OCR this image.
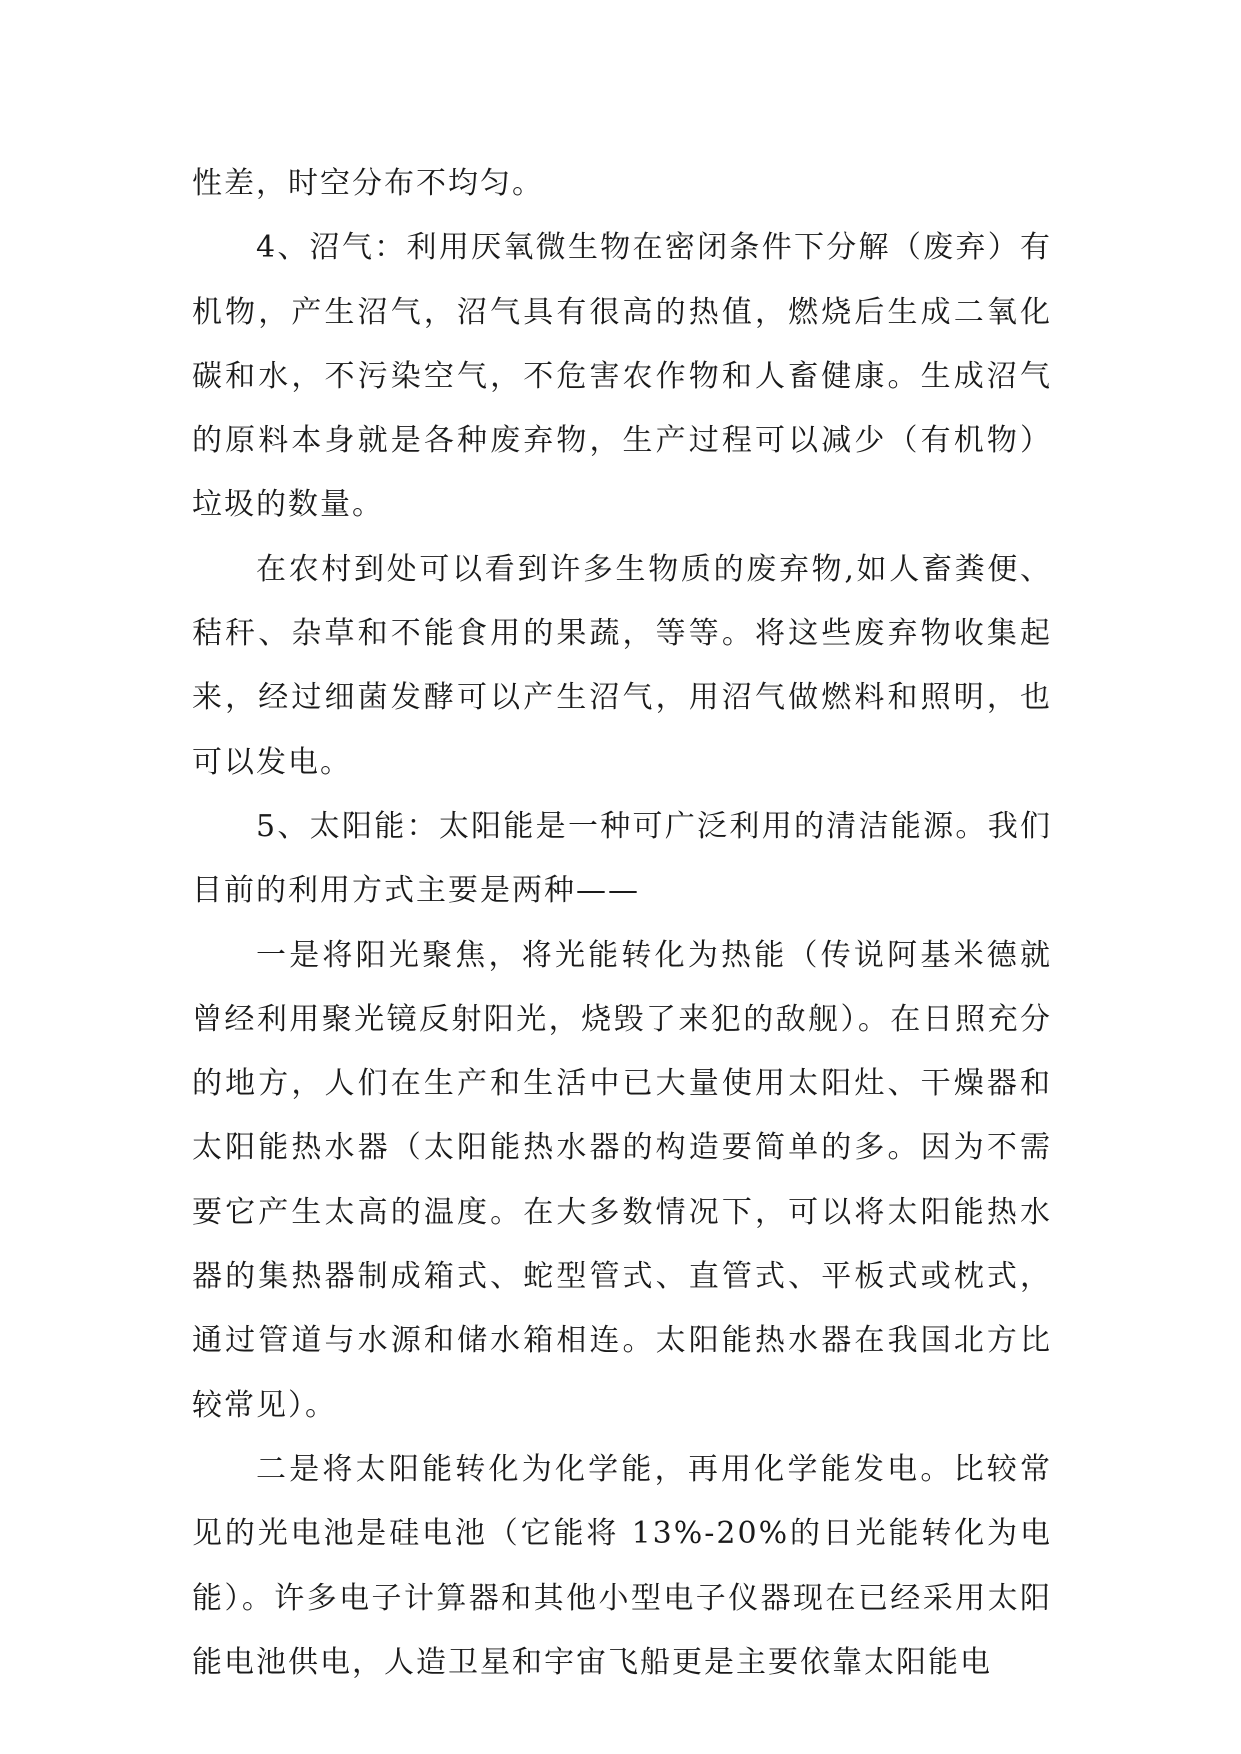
性差，时空分布不均匀。

4、沼气：利用厌氧微生物在密闭条件下分解（废弃）有机物，产生沼气，沼气具有很高的热值，燃烧后生成二氧化碳和水，不污染空气，不危害农作物和人畜健康。生成沼气的原料本身就是各种废弃物，生产过程可以减少（有机物）垃圾的数量。

在农村到处可以看到许多生物质的废弃物,如人畜粪便、秸秆、杂草和不能食用的果蔬，等等。将这些废弃物收集起来，经过细菌发酵可以产生沼气，用沼气做燃料和照明，也可以发电。

5、太阳能：太阳能是一种可广泛利用的清洁能源。我们目前的利用方式主要是两种——

一是将阳光聚焦，将光能转化为热能（传说阿基米德就曾经利用聚光镜反射阳光，烧毁了来犯的敌舰）。在日照充分的地方，人们在生产和生活中已大量使用太阳灶、干燥器和太阳能热水器（太阳能热水器的构造要简单的多。因为不需要它产生太高的温度。在大多数情况下，可以将太阳能热水器的集热器制成箱式、蛇型管式、直管式、平板式或枕式，通过管道与水源和储水箱相连。太阳能热水器在我国北方比较常见）。

二是将太阳能转化为化学能，再用化学能发电。比较常见的光电池是硅电池（它能将 13%-20%的日光能转化为电能）。许多电子计算器和其他小型电子仪器现在已经采用太阳能电池供电，人造卫星和宇宙飞船更是主要依靠太阳能电
